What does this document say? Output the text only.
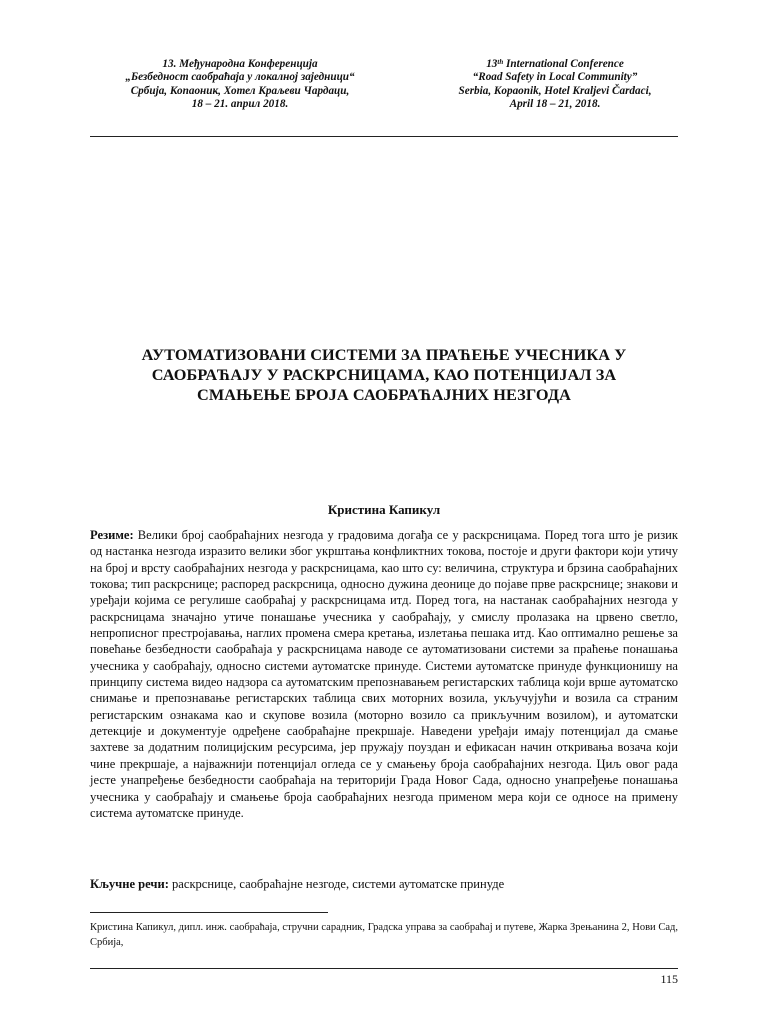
13. Међународна Конференција
„Безбедност саобраћаја у локалној заједници“
Србија, Копаоник, Хотел Краљеви Чардаци,
18 – 21. април 2018.
13th International Conference
“Road Safety in Local Community”
Serbia, Kopaonik, Hotel Kraljevi Čardaci,
April 18 – 21, 2018.
АУТОМАТИЗОВАНИ СИСТЕМИ ЗА ПРАЋЕЊЕ УЧЕСНИКА У
САОБРАЋАЈУ У РАСКРСНИЦАМА, КАО ПОТЕНЦИЈАЛ ЗА
СМАЊЕЊЕ БРОЈА САОБРАЋАЈНИХ НЕЗГОДА
Кристина Капикул

Резиме: Велики број саобраћајних незгода у градовима догађа се у раскрсницама. Поред тога што је ризик од настанка незгода изразито велики због укрштања конфликтних токова, постоје и други фактори који утичу на број и врсту саобраћајних незгода у раскрсницама, као што су: величина, структура и брзина саобраћајних токова; тип раскрснице; распоред раскрсница, односно дужина деонице до појаве прве раскрснице; знакови и уређаји којима се регулише саобраћај у раскрсницама итд. Поред тога, на настанак саобраћајних незгода у раскрсницама значајно утиче понашање учесника у саобраћају, у смислу пролазака на црвено светло, непрописног престројавања, наглих промена смера кретања, излетања пешака итд. Као оптимално решење за повећање безбедности саобраћаја у раскрсницама наводе се аутоматизовани системи за праћење понашања учесника у саобраћају, односно системи аутоматске принуде. Системи аутоматске принуде функционишу на принципу система видео надзора са аутоматским препознавањем регистарских таблица који врше аутоматско снимање и препознавање регистарских таблица свих моторних возила, укључујући и возила са страним регистарским ознакама као и скупове возила (моторно возило са прикључним возилом), и аутоматски детекције и документује одређене саобраћајне прекршаје. Наведени уређаји имају потенцијал да смање захтеве за додатним полицијским ресурсима, јер пружају поуздан и ефикасан начин откривања возача који чине прекршаје, а најважнији потенцијал огледа се у смањењу броја саобраћајних незгода. Циљ овог рада јесте унапређење безбедности саобраћаја на територији Града Новог Сада, односно унапређење понашања учесника у саобраћају и смањење броја саобраћајних незгода применом мера који се односе на примену система аутоматске принуде.

Кључне речи: раскрснице, саобраћајне незгоде, системи аутоматске принуде

Кристина Капикул, дипл. инж. саобраћаја, стручни сарадник, Градска управа за саобраћај и путеве, Жарка Зрењанина 2, Нови Сад, Србија,

115
